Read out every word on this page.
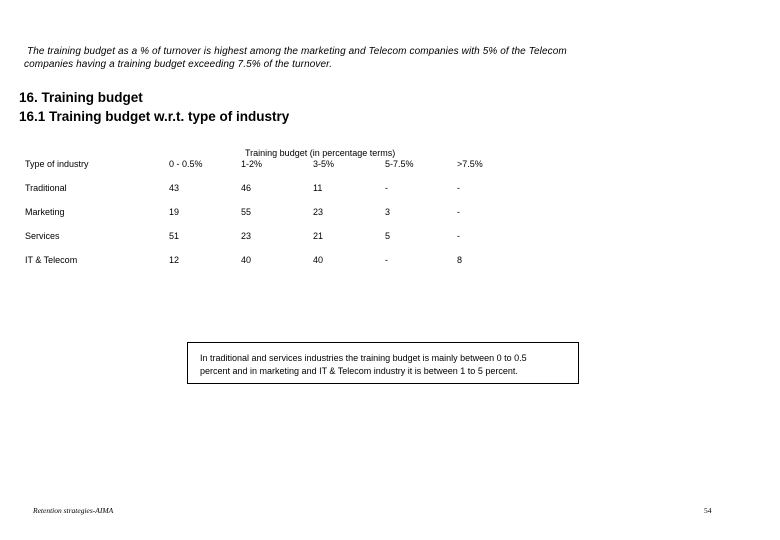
The training budget as a % of turnover is highest among the marketing and Telecom companies with 5% of the Telecom
companies having a training budget exceeding 7.5% of the turnover.
16. Training budget
16.1 Training budget w.r.t. type of industry
Training budget (in percentage terms)
Type of industry	0 - 0.5%	1-2%	3-5%	5-7.5%	>7.5%
Traditional	43	46	11	-	-
Marketing	19	55	23	3	-
Services	51	23	21	5	-
IT & Telecom	12	40	40	-	8
In traditional and services industries the training budget is mainly between 0 to 0.5
percent and in marketing and IT & Telecom industry it is between 1 to 5 percent.
Retention strategies-AIMA	54
